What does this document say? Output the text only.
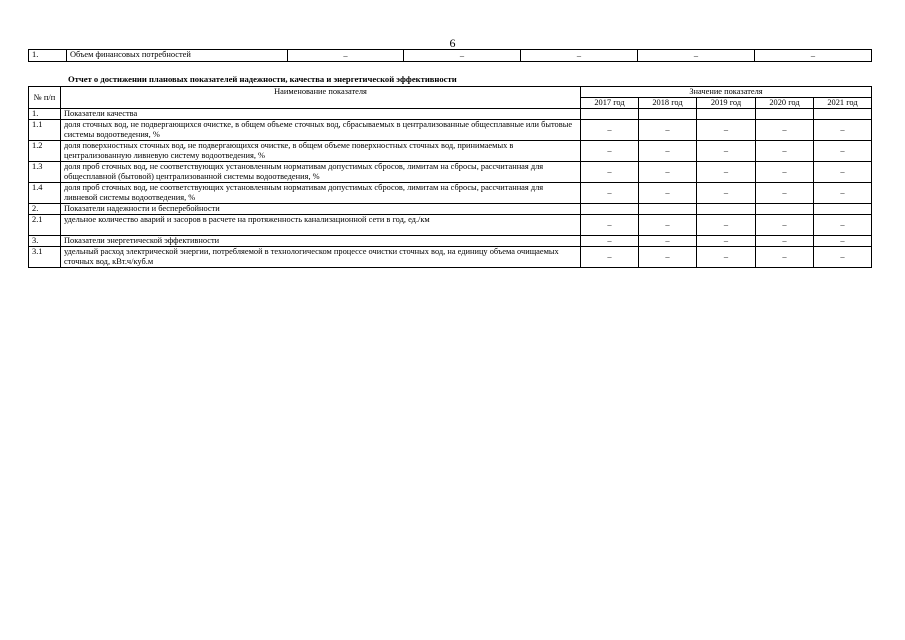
6
1.	Объем финансовых потребностей	–	–	–	–	–
Отчет о достижении плановых показателей надежности, качества и энергетической эффективности
№ п/п	Наименование показателя	Значение показателя				
		2017 год	2018 год	2019 год	2020 год	2021 год
1.	Показатели качества					
1.1	доля сточных вод, не подвергающихся очистке, в общем объеме сточных вод, сбрасываемых в централизованные общесплавные или бытовые системы водоотведения, %	–	–	–	–	–
1.2	доля поверхностных сточных вод, не подвергающихся очистке, в общем объеме поверхностных сточных вод, принимаемых в централизованную ливневую систему водоотведения, %	–	–	–	–	–
1.3	доля проб сточных вод, не соответствующих установленным нормативам допустимых сбросов, лимитам на сбросы, рассчитанная для общесплавной (бытовой) централизованной системы водоотведения, %	–	–	–	–	–
1.4	доля проб сточных вод, не соответствующих установленным нормативам допустимых сбросов, лимитам на сбросы, рассчитанная для ливневой системы водоотведения, %	–	–	–	–	–
2.	Показатели надежности и бесперебойности					
2.1	удельное количество аварий и засоров в расчете на протяженность канализационной сети в год, ед./км	–	–	–	–	–
3.	Показатели энергетической эффективности	–	–	–	–	–
3.1	удельный расход электрической энергии, потребляемой в технологическом процессе очистки сточных вод, на единицу объема очищаемых сточных вод, кВт.ч/куб.м	–	–	–	–	–
